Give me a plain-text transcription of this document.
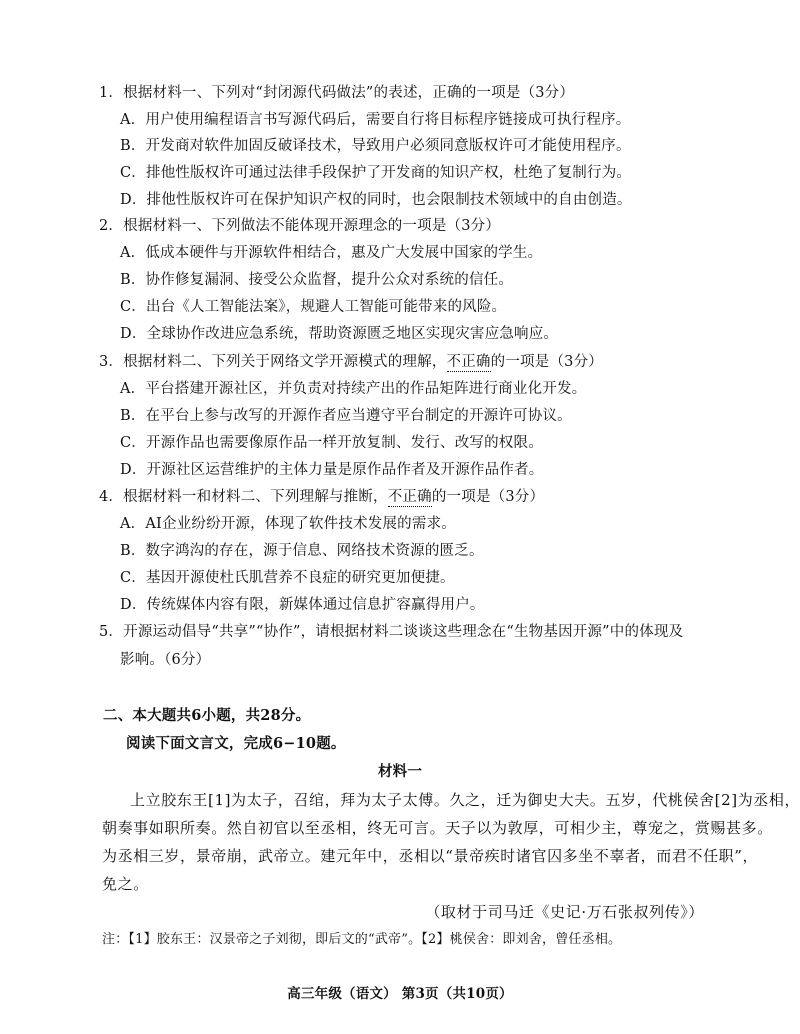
1．根据材料一、下列对“封闭源代码做法”的表述，正确的一项是（3分）
A．用户使用编程语言书写源代码后，需要自行将目标程序链接成可执行程序。
B．开发商对软件加固反破译技术，导致用户必须同意版权许可才能使用程序。
C．排他性版权许可通过法律手段保护了开发商的知识产权，杜绝了复制行为。
D．排他性版权许可在保护知识产权的同时，也会限制技术领域中的自由创造。
2．根据材料一、下列做法不能体现开源理念的一项是（3分）
A．低成本硬件与开源软件相结合，惠及广大发展中国家的学生。
B．协作修复漏洞、接受公众监督，提升公众对系统的信任。
C．出台《人工智能法案》，规避人工智能可能带来的风险。
D．全球协作改进应急系统，帮助资源匮乏地区实现灾害应急响应。
3．根据材料二、下列关于网络文学开源模式的理解，不正确的一项是（3分）
A．平台搭建开源社区，并负责对持续产出的作品矩阵进行商业化开发。
B．在平台上参与改写的开源作者应当遵守平台制定的开源许可协议。
C．开源作品也需要像原作品一样开放复制、发行、改写的权限。
D．开源社区运营维护的主体力量是原作品作者及开源作品作者。
4．根据材料一和材料二、下列理解与推断，不正确的一项是（3分）
A．AI企业纷纷开源，体现了软件技术发展的需求。
B．数字鸿沟的存在，源于信息、网络技术资源的匮乏。
C．基因开源使杜氏肌营养不良症的研究更加便捷。
D．传统媒体内容有限，新媒体通过信息扩容赢得用户。
5．开源运动倡导“共享”“协作”，请根据材料二谈谈这些理念在“生物基因开源”中的体现及
影响。（6分）
二、本大题共6小题，共28分。
阅读下面文言文，完成6−10题。
材料一
上立胶东王[1]为太子，召绾，拜为太子太傅。久之，迁为御史大夫。五岁，代桃侯舍[2]为丞相，
朝奏事如职所奏。然自初官以至丞相，终无可言。天子以为敦厚，可相少主，尊宠之，赏赐甚多。
为丞相三岁，景帝崩，武帝立。建元年中，丞相以“景帝疾时诸官囚多坐不辜者，而君不任职”，
免之。
（取材于司马迁《史记·万石张叔列传》）
注：【1】胶东王：汉景帝之子刘彻，即后文的“武帝”。【2】桃侯舍：即刘舍，曾任丞相。
高三年级（语文） 第3页（共10页）
